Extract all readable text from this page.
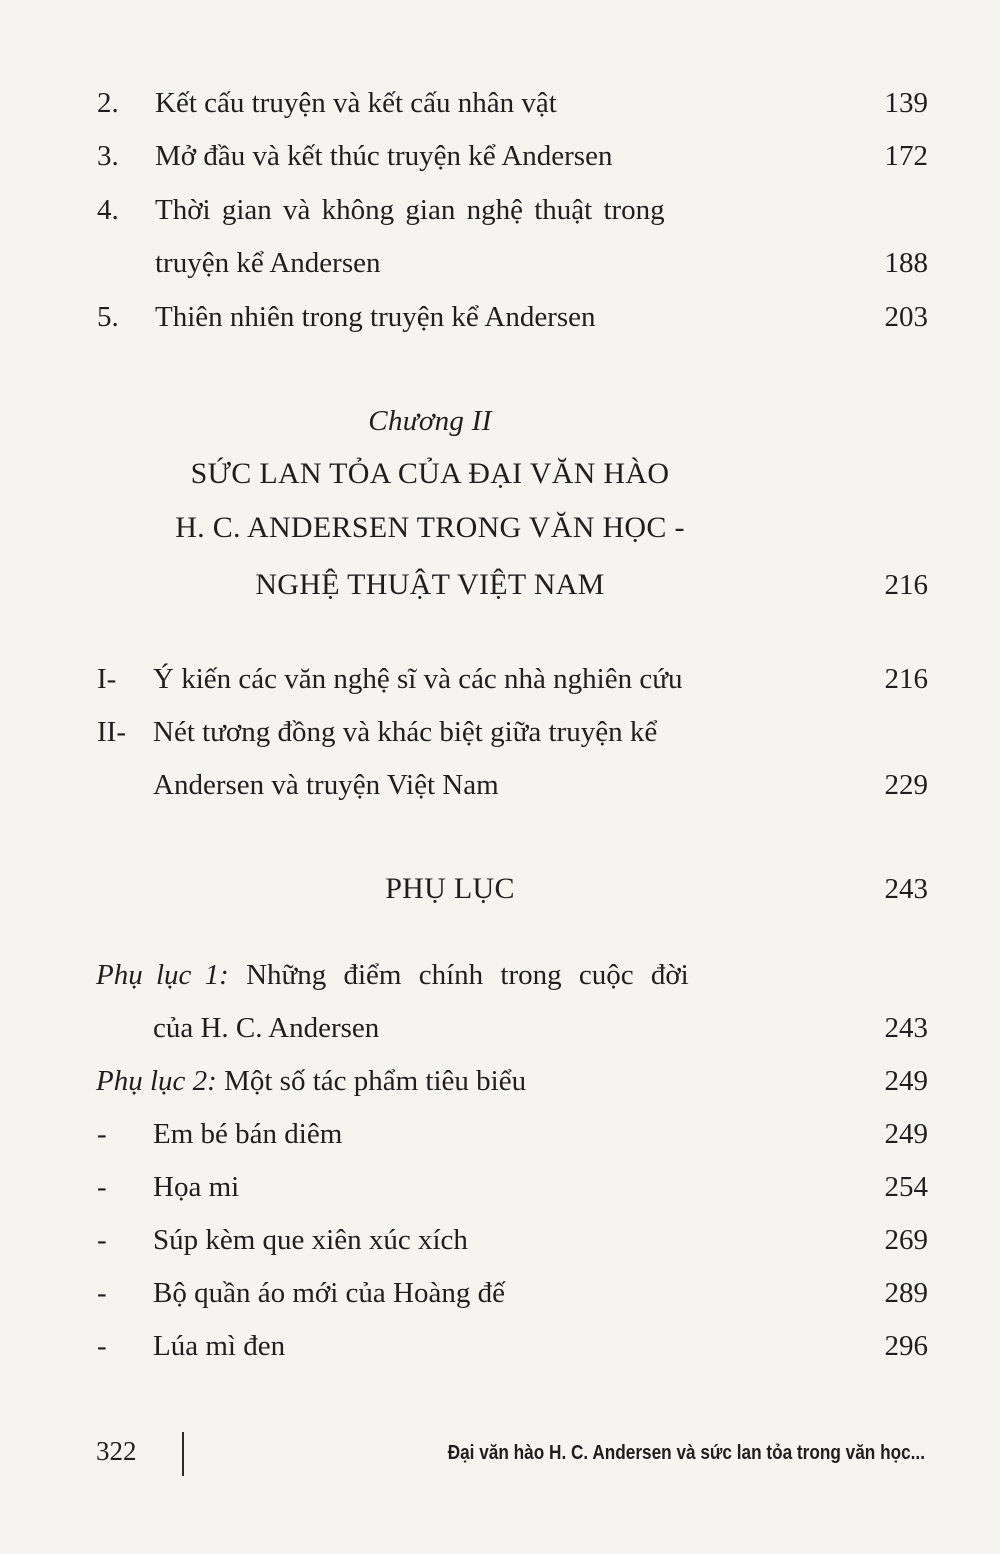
2. Kết cấu truyện và kết cấu nhân vật	139
3. Mở đầu và kết thúc truyện kể Andersen	172
4. Thời gian và không gian nghệ thuật trong
truyện kể Andersen	188
5. Thiên nhiên trong truyện kể Andersen	203
Chương II
SỨC LAN TỎA CỦA ĐẠI VĂN HÀO
H. C. ANDERSEN TRONG VĂN HỌC -
NGHỆ THUẬT VIỆT NAM	216
I- Ý kiến các văn nghệ sĩ và các nhà nghiên cứu	216
II- Nét tương đồng và khác biệt giữa truyện kể
Andersen và truyện Việt Nam	229
PHỤ LỤC	243
Phụ lục 1: Những điểm chính trong cuộc đời
của H. C. Andersen	243
Phụ lục 2: Một số tác phẩm tiêu biểu	249
- Em bé bán diêm	249
- Họa mi	254
- Súp kèm que xiên xúc xích	269
- Bộ quần áo mới của Hoàng đế	289
- Lúa mì đen	296
322	Đại văn hào H. C. Andersen và sức lan tỏa trong văn học...
